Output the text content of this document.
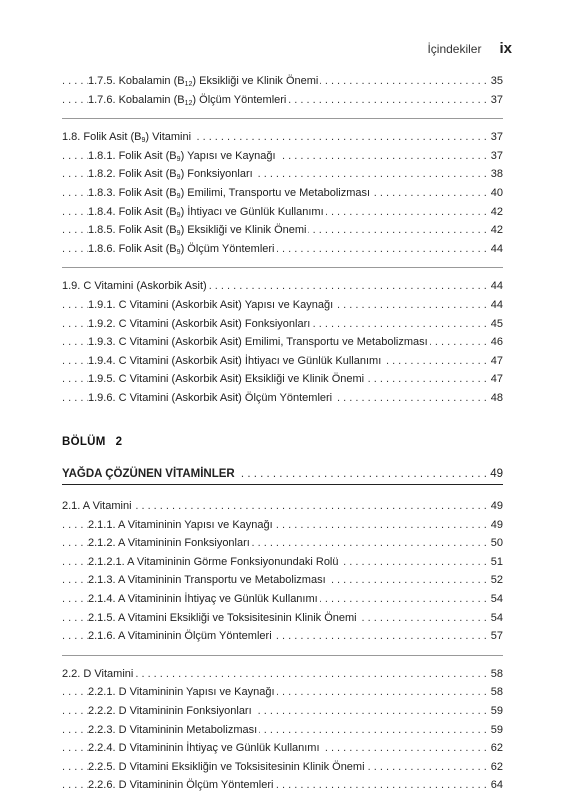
İçindekiler ix
. . . 1.7.5. Kobalamin $(B_{12})$ Eksikliği ve Klinik Önemi	35
. . . 1.7.6. Kobalamin $(B_{12})$ Ölçüm Yöntemleri	37
. . . 1.8. Folik Asit $(B_9)$ Vitamini	37
. . . 1.8.1. Folik Asit $(B_9)$ Yapısı ve Kaynağı	37
. . . 1.8.2. Folik Asit $(B_9)$ Fonksiyonları	38
. . . 1.8.3. Folik Asit $(B_9)$ Emilimi, Transportu ve Metabolizması	40
. . . 1.8.4. Folik Asit $(B_9)$ İhtiyacı ve Günlük Kullanımı	42
. . . 1.8.5. Folik Asit $(B_9)$ Eksikliği ve Klinik Önemi	42
. . . 1.8.6. Folik Asit $(B_9)$ Ölçüm Yöntemleri	44
. . . 1.9. C Vitamini (Askorbik Asit)	44
. . . 1.9.1. C Vitamini (Askorbik Asit) Yapısı ve Kaynağı	44
. . . 1.9.2. C Vitamini (Askorbik Asit) Fonksiyonları	45
. . . 1.9.3. C Vitamini (Askorbik Asit) Emilimi, Transportu ve Metabolizması	46
. . . 1.9.4. C Vitamini (Askorbik Asit) İhtiyacı ve Günlük Kullanımı	47
. . . 1.9.5. C Vitamini (Askorbik Asit) Eksikliği ve Klinik Önemi	47
. . . 1.9.6. C Vitamini (Askorbik Asit) Ölçüm Yöntemleri	48
BÖLÜM 2
. . . YAĞDA ÇÖZÜNEN VİTAMİNLER	49
. . . 2.1. A Vitamini	49
. . . 2.1.1. A Vitamininin Yapısı ve Kaynağı	49
. . . 2.1.2. A Vitamininin Fonksiyonları	50
. . . 2.1.2.1. A Vitamininin Görme Fonksiyonundaki Rolü	51
. . . 2.1.3. A Vitamininin Transportu ve Metabolizması	52
. . . 2.1.4. A Vitamininin İhtiyaç ve Günlük Kullanımı	54
. . . 2.1.5. A Vitamini Eksikliği ve Toksisitesinin Klinik Önemi	54
. . . 2.1.6. A Vitamininin Ölçüm Yöntemleri	57
. . . 2.2. D Vitamini	58
. . . 2.2.1. D Vitamininin Yapısı ve Kaynağı	58
. . . 2.2.2. D Vitamininin Fonksiyonları	59
. . . 2.2.3. D Vitamininin Metabolizması	59
. . . 2.2.4. D Vitamininin İhtiyaç ve Günlük Kullanımı	62
. . . 2.2.5. D Vitamini Eksikliğin ve Toksisitesinin Klinik Önemi	62
. . . 2.2.6. D Vitamininin Ölçüm Yöntemleri	64
